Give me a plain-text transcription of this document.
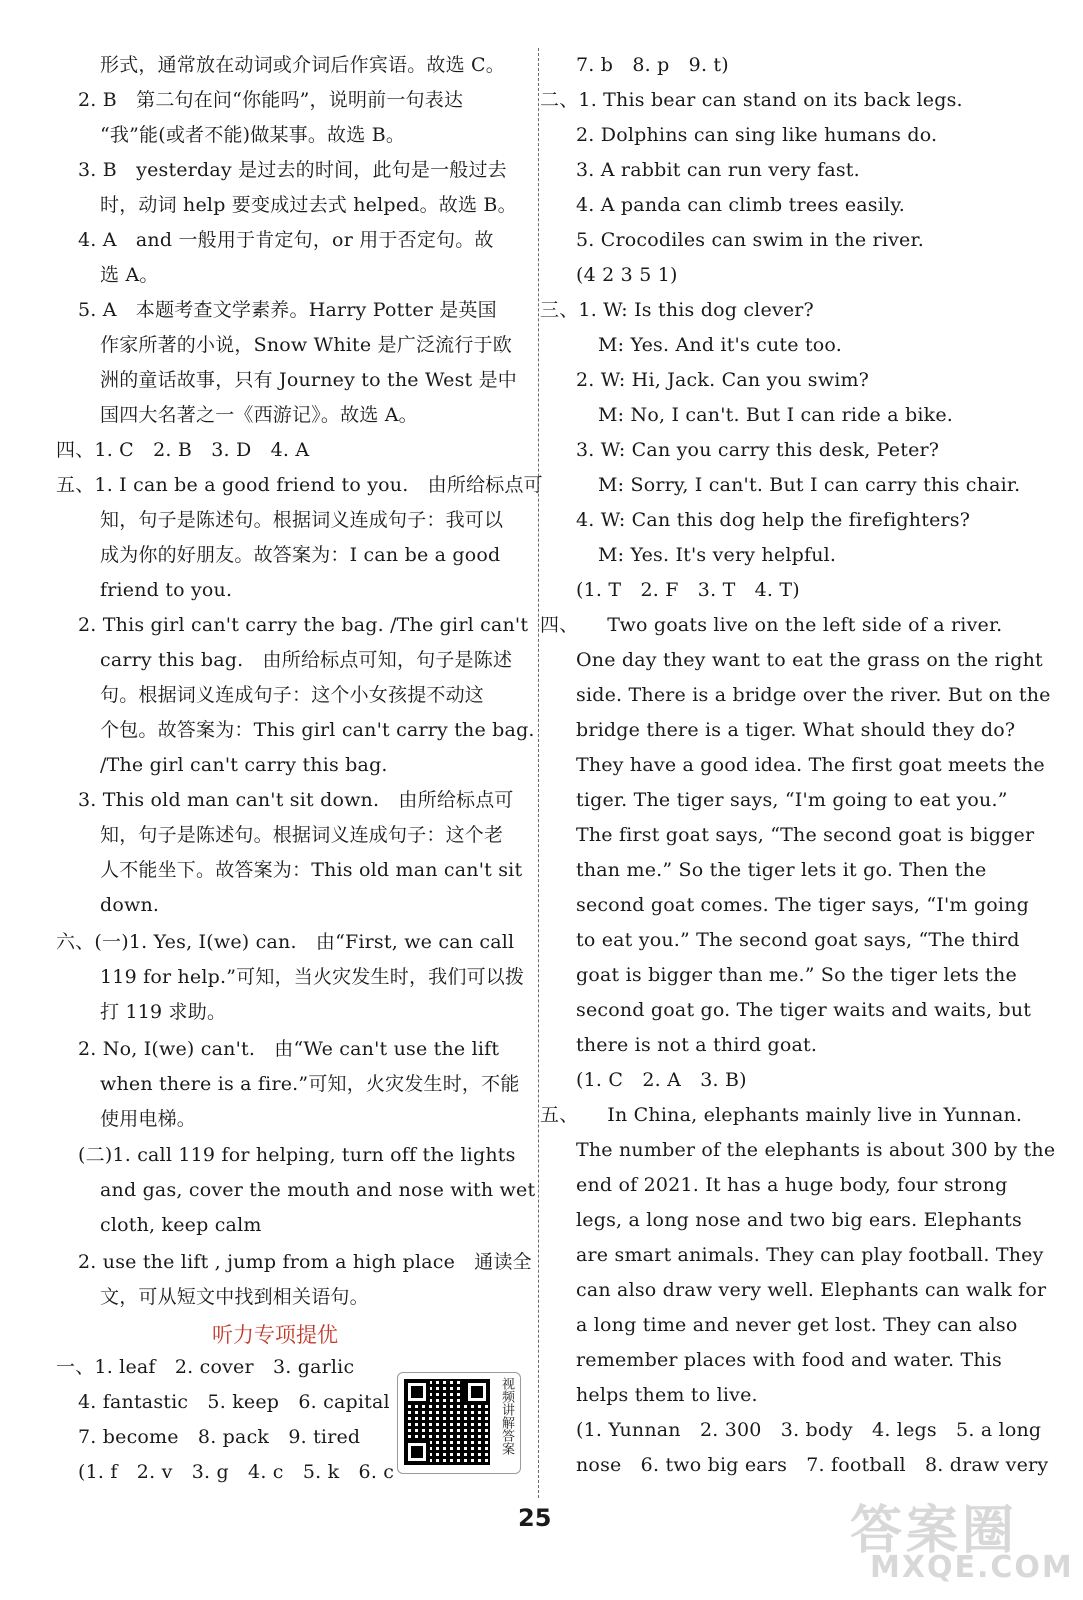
形式，通常放在动词或介词后作宾语。故选 C。
2. B　第二句在问“你能吗”，说明前一句表达
“我”能(或者不能)做某事。故选 B。
3. B　yesterday 是过去的时间，此句是一般过去
时，动词 help 要变成过去式 helped。故选 B。
4. A　and 一般用于肯定句，or 用于否定句。故
选 A。
5. A　本题考查文学素养。Harry Potter 是英国
作家所著的小说，Snow White 是广泛流行于欧
洲的童话故事，只有 Journey to the West 是中
国四大名著之一《西游记》。故选 A。
四、1. C　2. B　3. D　4. A
五、1. I can be a good friend to you.　由所给标点可
知，句子是陈述句。根据词义连成句子：我可以
成为你的好朋友。故答案为：I can be a good
friend to you.
2. This girl can't carry the bag. /The girl can't
carry this bag.　由所给标点可知，句子是陈述
句。根据词义连成句子：这个小女孩提不动这
个包。故答案为：This girl can't carry the bag.
/The girl can't carry this bag.
3. This old man can't sit down.　由所给标点可
知，句子是陈述句。根据词义连成句子：这个老
人不能坐下。故答案为：This old man can't sit
down.
六、(一)1. Yes, I(we) can.　由“First, we can call
119 for help.”可知，当火灾发生时，我们可以拨
打 119 求助。
2. No, I(we) can't.　由“We can't use the lift
when there is a fire.”可知，火灾发生时，不能
使用电梯。
(二)1. call 119 for helping, turn off the lights
and gas, cover the mouth and nose with wet
cloth, keep calm
2. use the lift , jump from a high place　通读全
文，可从短文中找到相关语句。
一、1. leaf　2. cover　3. garlic
4. fantastic　5. keep　6. capital
7. become　8. pack　9. tired
(1. f　2. v　3. g　4. c　5. k　6. c
7. b　8. p　9. t)
二、1. This bear can stand on its back legs.
2. Dolphins can sing like humans do.
3. A rabbit can run very fast.
4. A panda can climb trees easily.
5. Crocodiles can swim in the river.
(4 2 3 5 1)
三、1. W: Is this dog clever?
M: Yes. And it's cute too.
2. W: Hi, Jack. Can you swim?
M: No, I can't. But I can ride a bike.
3. W: Can you carry this desk, Peter?
M: Sorry, I can't. But I can carry this chair.
4. W: Can this dog help the firefighters?
M: Yes. It's very helpful.
(1. T　2. F　3. T　4. T)
四、　　Two goats live on the left side of a river.
One day they want to eat the grass on the right
side. There is a bridge over the river. But on the
bridge there is a tiger. What should they do?
They have a good idea. The first goat meets the
tiger. The tiger says, “I'm going to eat you.”
The first goat says, “The second goat is bigger
than me.” So the tiger lets it go. Then the
second goat comes. The tiger says, “I'm going
to eat you.” The second goat says, “The third
goat is bigger than me.” So the tiger lets the
second goat go. The tiger waits and waits, but
there is not a third goat.
(1. C　2. A　3. B)
五、　　In China, elephants mainly live in Yunnan.
The number of the elephants is about 300 by the
end of 2021. It has a huge body, four strong
legs, a long nose and two big ears. Elephants
are smart animals. They can play football. They
can also draw very well. Elephants can walk for
a long time and never get lost. They can also
remember places with food and water. This
helps them to live.
(1. Yunnan　2. 300　3. body　4. legs　5. a long
nose　6. two big ears　7. football　8. draw very
听力专项提优
视频讲解答案
25	答案圈
MXQE.COM
